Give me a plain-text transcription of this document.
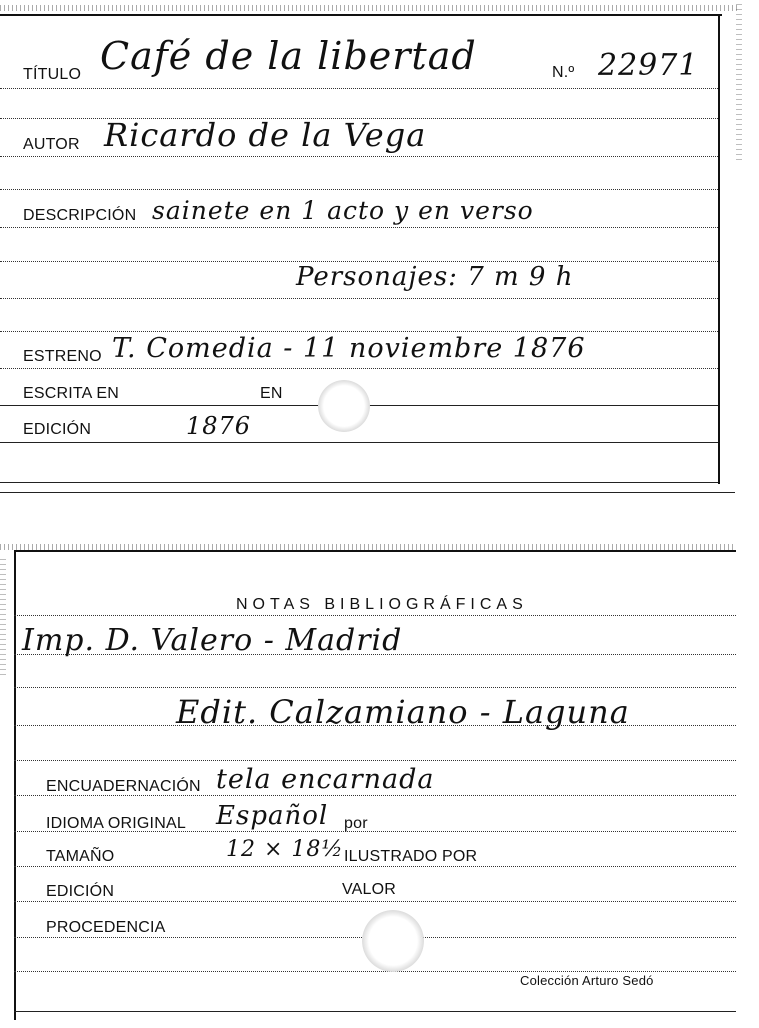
TÍTULO Café de la libertad	N.º 22971
AUTOR Ricardo de la Vega
DESCRIPCIÓN sainete en 1 acto y en verso
Personajes: 7 m 9 h
ESTRENO T. Comedia - 11 noviembre 1876
ESCRITA EN	EN
EDICIÓN	1876
NOTAS BIBLIOGRÁFICAS
Imp. D. Valero - Madrid
Edit. Calzamiano - Laguna
ENCUADERNACIÓN tela encarnada
IDIOMA ORIGINAL Español por
TAMAÑO	12 × 18½ ILUSTRADO POR
EDICIÓN	VALOR
PROCEDENCIA
Colección Arturo Sedó
